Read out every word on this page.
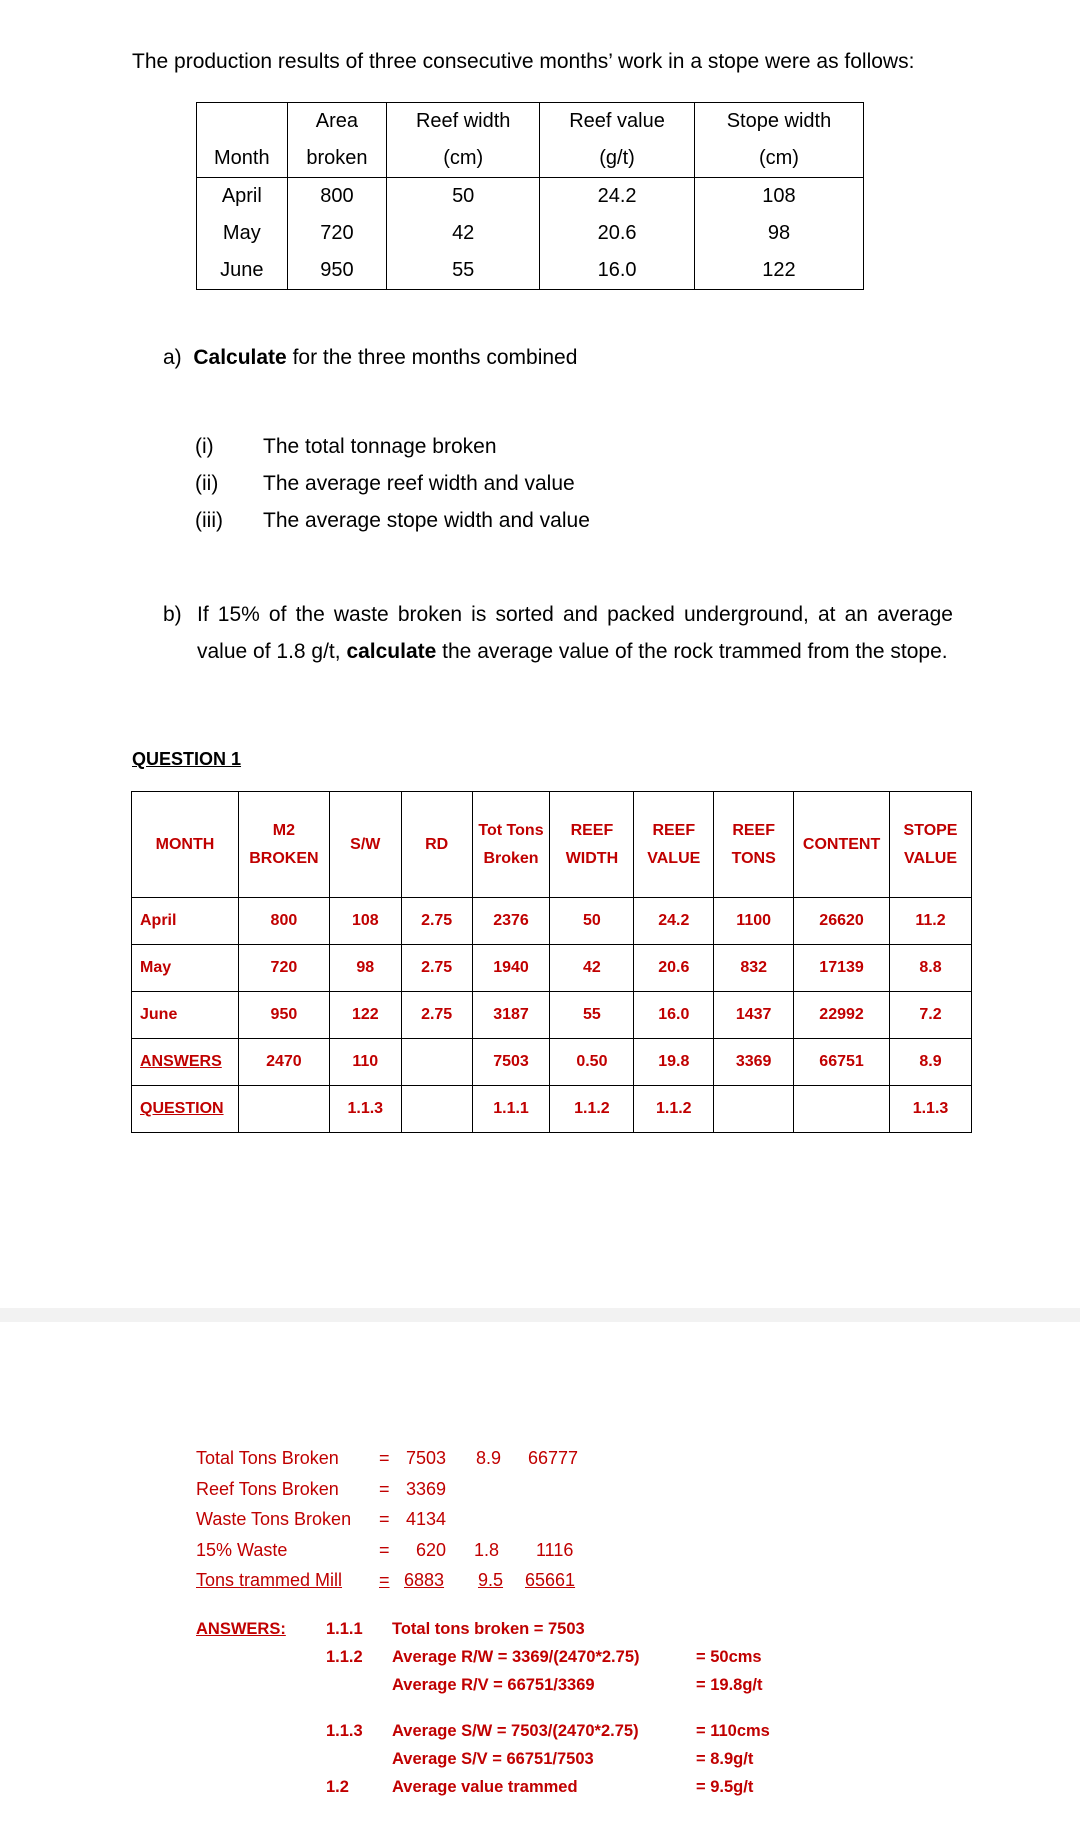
The production results of three consecutive months’ work in a stope were as follows:
	Area	Reef width	Reef value	Stope width
Month	broken	(cm)	(g/t)	(cm)
April	800	50	24.2	108
May	720	42	20.6	98
June	950	55	16.0	122
a) Calculate for the three months combined
(i) The total tonnage broken
(ii) The average reef width and value
(iii) The average stope width and value
b) If 15% of the waste broken is sorted and packed underground, at an average value of 1.8 g/t, calculate the average value of the rock trammed from the stope.
QUESTION 1
MONTH	M2 BROKEN	S/W	RD	Tot Tons Broken	REEF WIDTH	REEF VALUE	REEF TONS	CONTENT	STOPE VALUE
April	800	108	2.75	2376	50	24.2	1100	26620	11.2
May	720	98	2.75	1940	42	20.6	832	17139	8.8
June	950	122	2.75	3187	55	16.0	1437	22992	7.2
ANSWERS	2470	110		7503	0.50	19.8	3369	66751	8.9
QUESTION		1.1.3		1.1.1	1.1.2	1.1.2			1.1.3
Total Tons Broken = 7503 8.9 66777
Reef Tons Broken = 3369
Waste Tons Broken = 4134
15% Waste	= 620 1.8 1116
Tons trammed Mill	= 6883 9.5 65661
ANSWERS: 1.1.1 Total tons broken = 7503
1.1.2 Average R/W = 3369/(2470*2.75)	= 50cms
Average R/V = 66751/3369	= 19.8g/t
1.1.3 Average S/W = 7503/(2470*2.75)	= 110cms
Average S/V = 66751/7503	= 8.9g/t
1.2	Average value trammed	= 9.5g/t
